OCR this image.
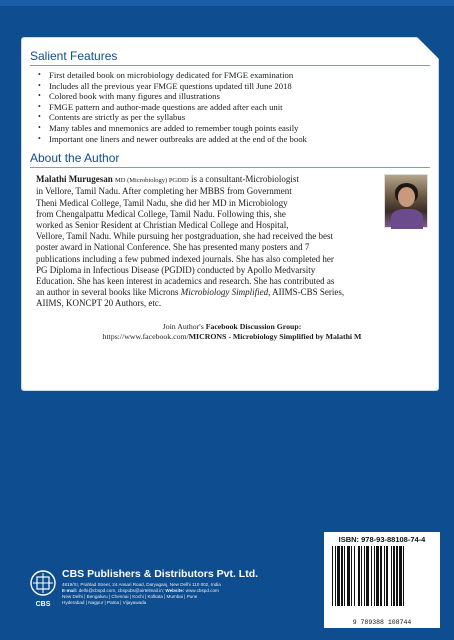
Salient Features
• First detailed book on microbiology dedicated for FMGE examination
• Includes all the previous year FMGE questions updated till June 2018
• Colored book with many figures and illustrations
• FMGE pattern and author-made questions are added after each unit
• Contents are strictly as per the syllabus
• Many tables and mnemonics are added to remember tough points easily
• Important one liners and newer outbreaks are added at the end of the book
About the Author
Malathi Murugesan MD (Microbiology) PGDID is a consultant-Microbiologist
in Vellore, Tamil Nadu. After completing her MBBS from Government
Theni Medical College, Tamil Nadu, she did her MD in Microbiology
from Chengalpattu Medical College, Tamil Nadu. Following this, she
worked as Senior Resident at Christian Medical College and Hospital,
Vellore, Tamil Nadu. While pursuing her postgraduation, she had received the best
poster award in National Conference. She has presented many posters and 7
publications including a few pubmed indexed journals. She has also completed her
PG Diploma in Infectious Disease (PGDID) conducted by Apollo Medvarsity
Education. She has keen interest in academics and research. She has contributed as
an author in several books like Microns Microbiology Simplified, AIIMS-CBS Series,
AIIMS, KONCPT 20 Authors, etc.
Join Author's Facebook Discussion Group:
https://www.facebook.com/MICRONS - Microbiology Simplified by Malathi M
ISBN: 978-93-88108-74-4
9 789388 108744
CBS
CBS Publishers & Distributors Pvt. Ltd.
4819/XI, Prahlad Street, 24 Ansari Road, Daryaganj, New Delhi 110 002, India
E-mail: delhi@cbspd.com, cbspubs@airtelmail.in; Website: www.cbspd.com
New Delhi | Bengaluru | Chennai | Kochi | Kolkata | Mumbai | Pune
Hyderabad | Nagpur | Patna | Vijayawada
